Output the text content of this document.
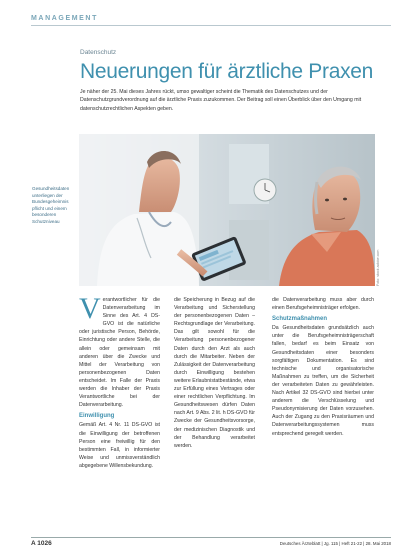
MANAGEMENT
Datenschutz
Neuerungen für ärztliche Praxen
Je näher der 25. Mai dieses Jahres rückt, umso gewaltiger scheint die Thematik des Datenschutzes und der Datenschutzgrundverordnung auf die ärztliche Praxis zuzukommen. Der Beitrag soll einen Überblick über den Umgang mit datenschutzrechtlichen Aspekten geben.
Gesundheitsdaten unterliegen der Bundesgeheimnis pflicht und einem besonderen Schutzniveau
Foto: stock.adobe.com
V erantwortlicher für die Datenverarbeitung im Sinne des Art. 4 DS-GVO ist die natürliche oder juristische Person, Behörde, Einrichtung oder andere Stelle, die allein oder gemeinsam mit anderen über die Zwecke und Mittel der Verarbeitung von personenbezogenen Daten entscheidet. Im Falle der Praxis werden die Inhaber der Praxis Verantwortliche bei der Datenverarbeitung.

Einwilligung

Gemäß Art. 4 Nr. 11 DS-GVO ist die Einwilligung der betroffenen Person eine freiwillig für den bestimmten Fall, in informierter Weise und unmissverständlich abgegebene Willensbekundung.

die Speicherung in Bezug auf die Verarbeitung und Sicherstellung der personenbezogenen Daten – Rechtsgrundlage der Verarbeitung. Das gilt sowohl für die Verarbeitung personenbezogener Daten durch den Arzt als auch durch die Mitarbeiter. Neben der Zulässigkeit der Datenverarbeitung durch Einwilligung bestehen weitere Erlaubnistatbestände, etwa zur Erfüllung eines Vertrages oder einer rechtlichen Verpflichtung. Im Gesundheitswesen dürfen Daten nach Art. 9 Abs. 2 lit. h DS-GVO für Zwecke der Gesundheitsvorsorge, der medizinischen Diagnostik und der Behandlung verarbeitet werden.

die Datenverarbeitung muss aber durch einen Berufsgeheimnisträger erfolgen.

Schutzmaßnahmen

Da Gesundheitsdaten grundsätzlich auch unter die Berufsgeheimnisträgerschaft fallen, bedarf es beim Einsatz von Gesundheitsdaten einer besonders sorgfältigen Dokumentation. Es sind technische und organisatorische Maßnahmen zu treffen, um die Sicherheit der verarbeiteten Daten zu gewährleisten. Nach Artikel 32 DS-GVO sind hierbei unter anderem die Verschlüsselung und Pseudonymisierung der Daten vorzusehen. Auch der Zugang zu den Praxisräumen und Datenverarbeitungssystemen muss entsprechend geregelt werden.

A 1026	Deutsches Ärzteblatt | Jg. 115 | Heft 21-22 | 28. Mai 2018
